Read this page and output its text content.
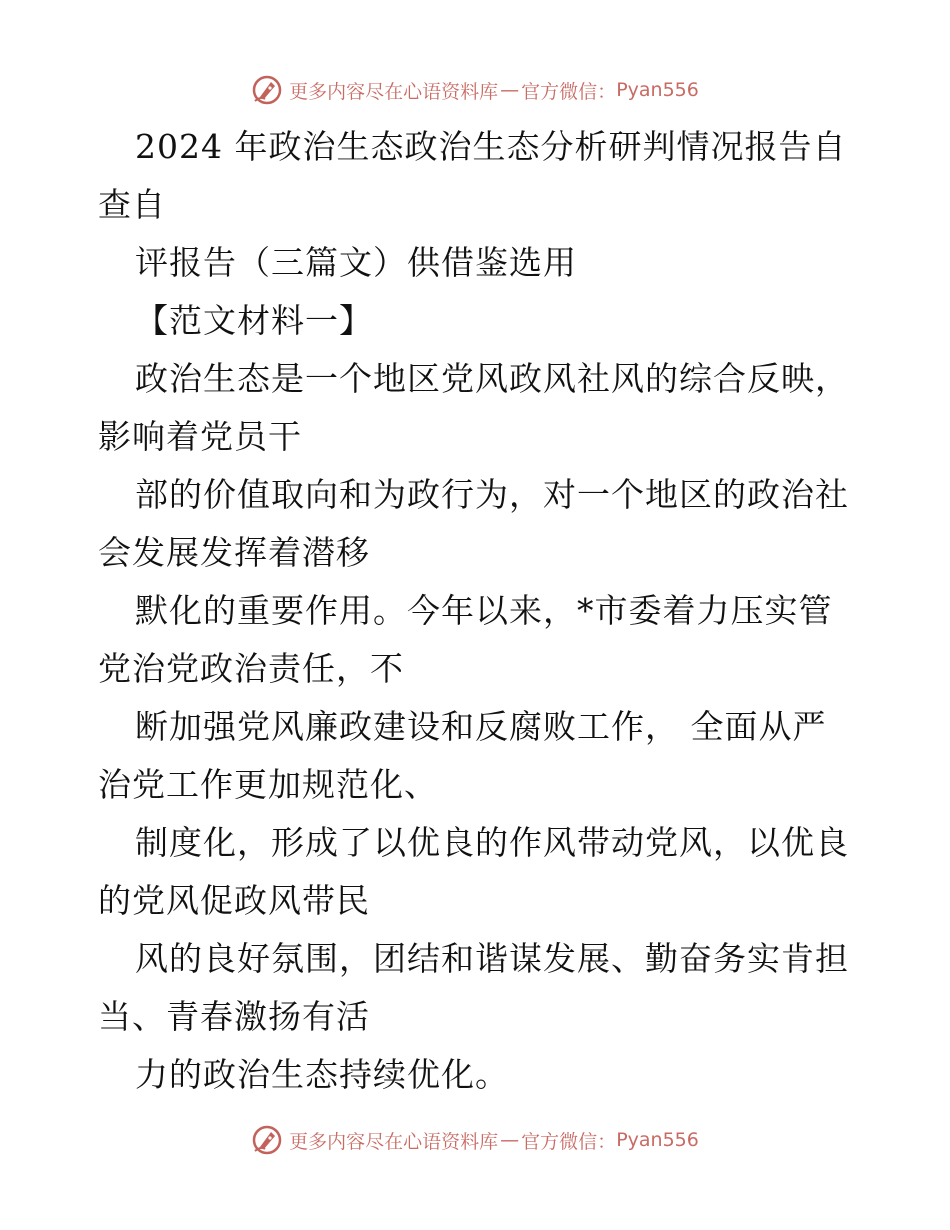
更多内容尽在心语资料库 — 官方微信： Pyan556
2024 年政治生态政治生态分析研判情况报告自
查自
评报告（三篇文）供借鉴选用
【范文材料一】
政治生态是一个地区党风政风社风的综合反映，
影响着党员干
部的价值取向和为政行为，对一个地区的政治社
会发展发挥着潜移
默化的重要作用。今年以来，*市委着力压实管
党治党政治责任，不
断加强党风廉政建设和反腐败工作， 全面从严
治党工作更加规范化、
制度化，形成了以优良的作风带动党风，以优良
的党风促政风带民
风的良好氛围，团结和谐谋发展、勤奋务实肯担
当、青春激扬有活
力的政治生态持续优化。
更多内容尽在心语资料库 — 官方微信： Pyan556
